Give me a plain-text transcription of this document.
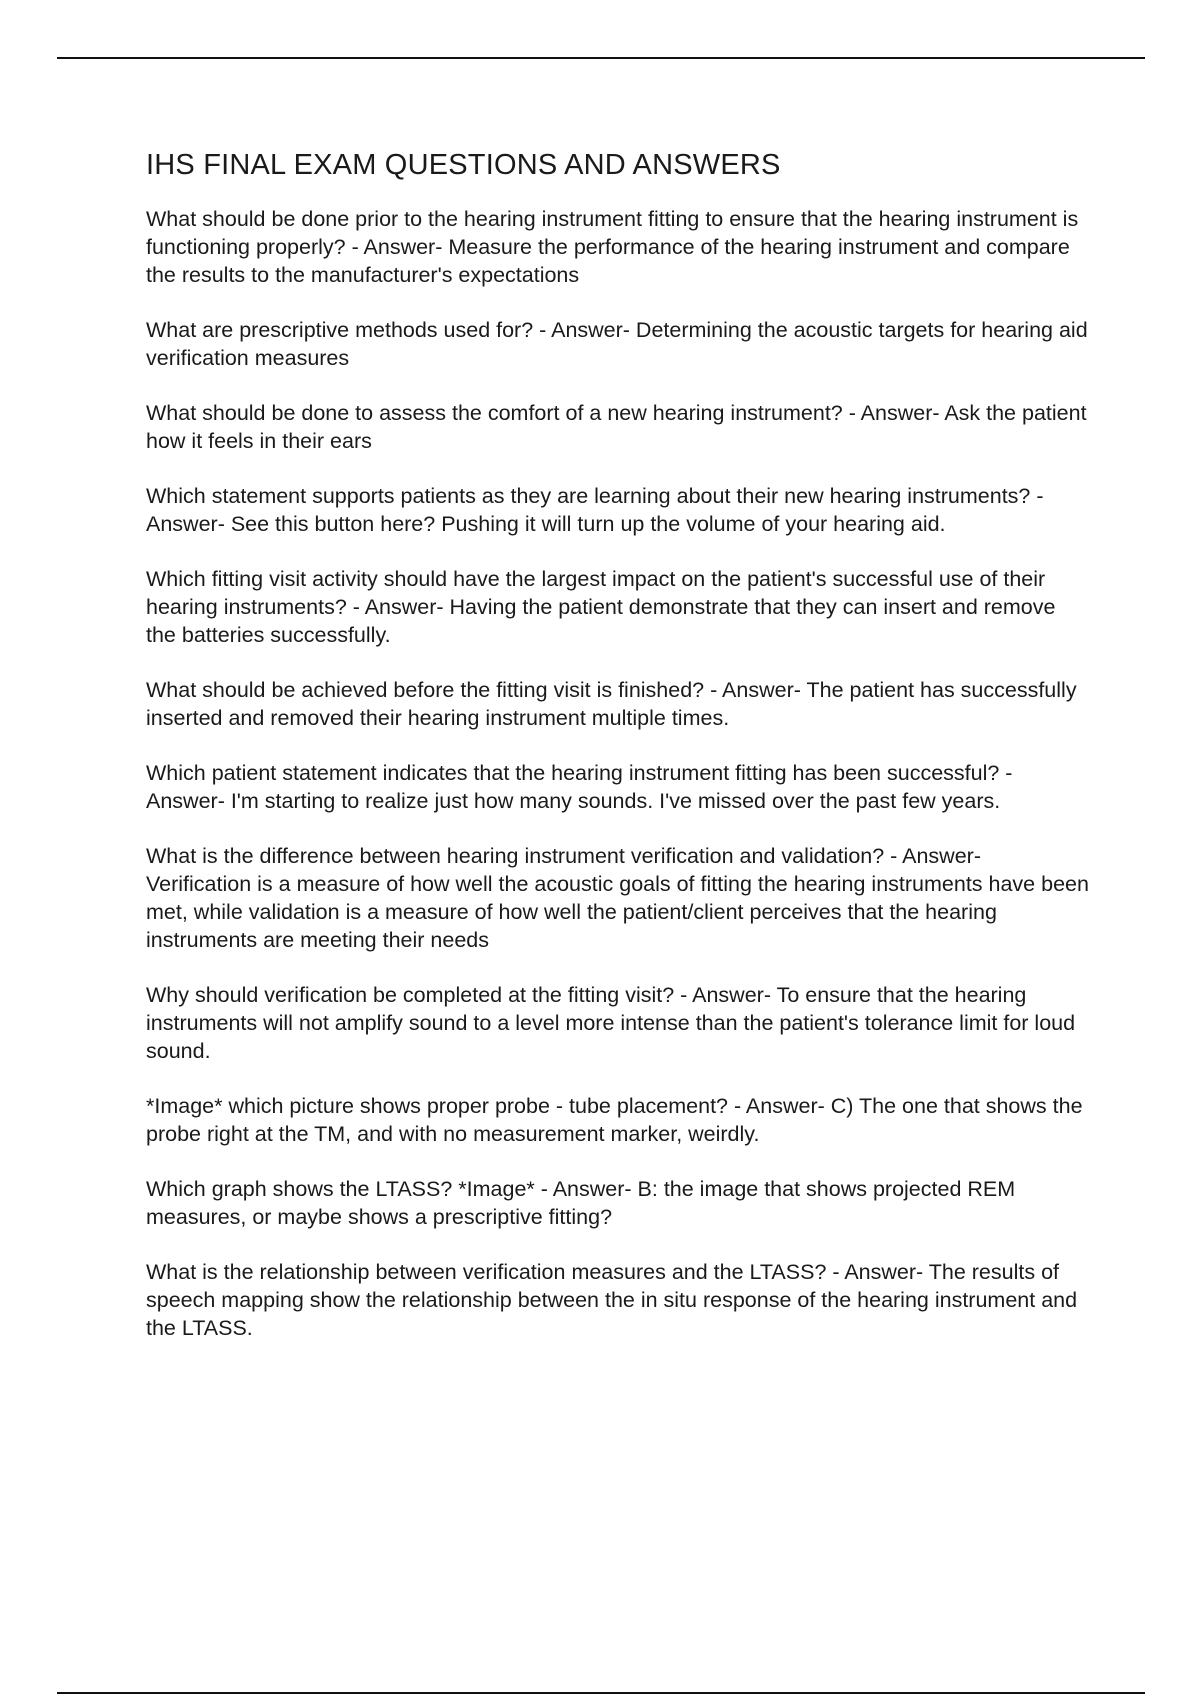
IHS FINAL EXAM QUESTIONS AND ANSWERS

What should be done prior to the hearing instrument fitting to ensure that the hearing instrument is functioning properly? - Answer- Measure the performance of the hearing instrument and compare the results to the manufacturer's expectations

What are prescriptive methods used for? - Answer- Determining the acoustic targets for hearing aid verification measures

What should be done to assess the comfort of a new hearing instrument? - Answer- Ask the patient how it feels in their ears

Which statement supports patients as they are learning about their new hearing instruments? - Answer- See this button here? Pushing it will turn up the volume of your hearing aid.

Which fitting visit activity should have the largest impact on the patient's successful use of their hearing instruments? - Answer- Having the patient demonstrate that they can insert and remove the batteries successfully.

What should be achieved before the fitting visit is finished? - Answer- The patient has successfully inserted and removed their hearing instrument multiple times.

Which patient statement indicates that the hearing instrument fitting has been successful? - Answer- I'm starting to realize just how many sounds. I've missed over the past few years.

What is the difference between hearing instrument verification and validation? - Answer- Verification is a measure of how well the acoustic goals of fitting the hearing instruments have been met, while validation is a measure of how well the patient/client perceives that the hearing instruments are meeting their needs

Why should verification be completed at the fitting visit? - Answer- To ensure that the hearing instruments will not amplify sound to a level more intense than the patient's tolerance limit for loud sound.

*Image* which picture shows proper probe - tube placement? - Answer- C) The one that shows the probe right at the TM, and with no measurement marker, weirdly.

Which graph shows the LTASS? *Image* - Answer- B: the image that shows projected REM measures, or maybe shows a prescriptive fitting?

What is the relationship between verification measures and the LTASS? - Answer- The results of speech mapping show the relationship between the in situ response of the hearing instrument and the LTASS.
